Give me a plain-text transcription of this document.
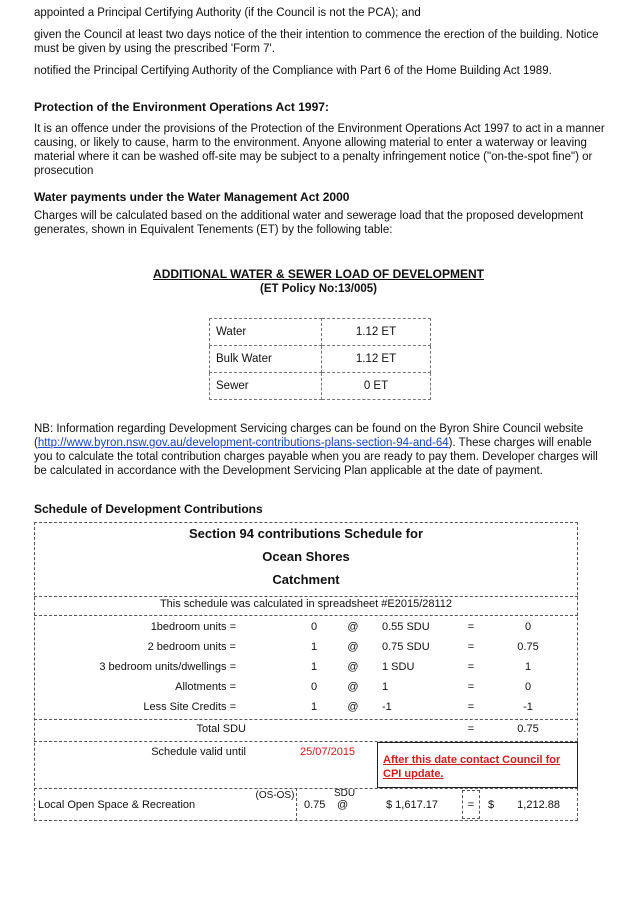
appointed a Principal Certifying Authority (if the Council is not the PCA); and
given the Council at least two days notice of the their intention to commence the erection of the building. Notice must be given by using the prescribed 'Form 7'.
notified the Principal Certifying Authority of the Compliance with Part 6 of the Home Building Act 1989.
Protection of the Environment Operations Act 1997:
It is an offence under the provisions of the Protection of the Environment Operations Act 1997 to act in a manner causing, or likely to cause, harm to the environment. Anyone allowing material to enter a waterway or leaving material where it can be washed off-site may be subject to a penalty infringement notice ("on-the-spot fine") or prosecution
Water payments under the Water Management Act 2000
Charges will be calculated based on the additional water and sewerage load that the proposed development generates, shown in Equivalent Tenements (ET) by the following table:
ADDITIONAL WATER & SEWER LOAD OF DEVELOPMENT
(ET Policy No:13/005)
Water	1.12 ET
Bulk Water	1.12 ET
Sewer	0 ET
NB: Information regarding Development Servicing charges can be found on the Byron Shire Council website (http://www.byron.nsw.gov.au/development-contributions-plans-section-94-and-64). These charges will enable you to calculate the total contribution charges payable when you are ready to pay them. Developer charges will be calculated in accordance with the Development Servicing Plan applicable at the date of payment.
Schedule of Development Contributions
Section 94 contributions Schedule for
Ocean Shores
Catchment
This schedule was calculated in spreadsheet #E2015/28112
1bedroom units =	0	@	0.55 SDU	=	0
2 bedroom units =	1	@	0.75 SDU	=	0.75
3 bedroom units/dwellings =	1	@	1 SDU	=	1
Allotments =	0	@	1	=	0
Less Site Credits =	1	@	-1	=	-1
Total SDU	=	0.75
Schedule valid until	25/07/2015
After this date contact Council for CPI update.
Local Open Space & Recreation
(OS-OS)	SDU
0.75 @	$ 1,617.17	=	$	1,212.88
